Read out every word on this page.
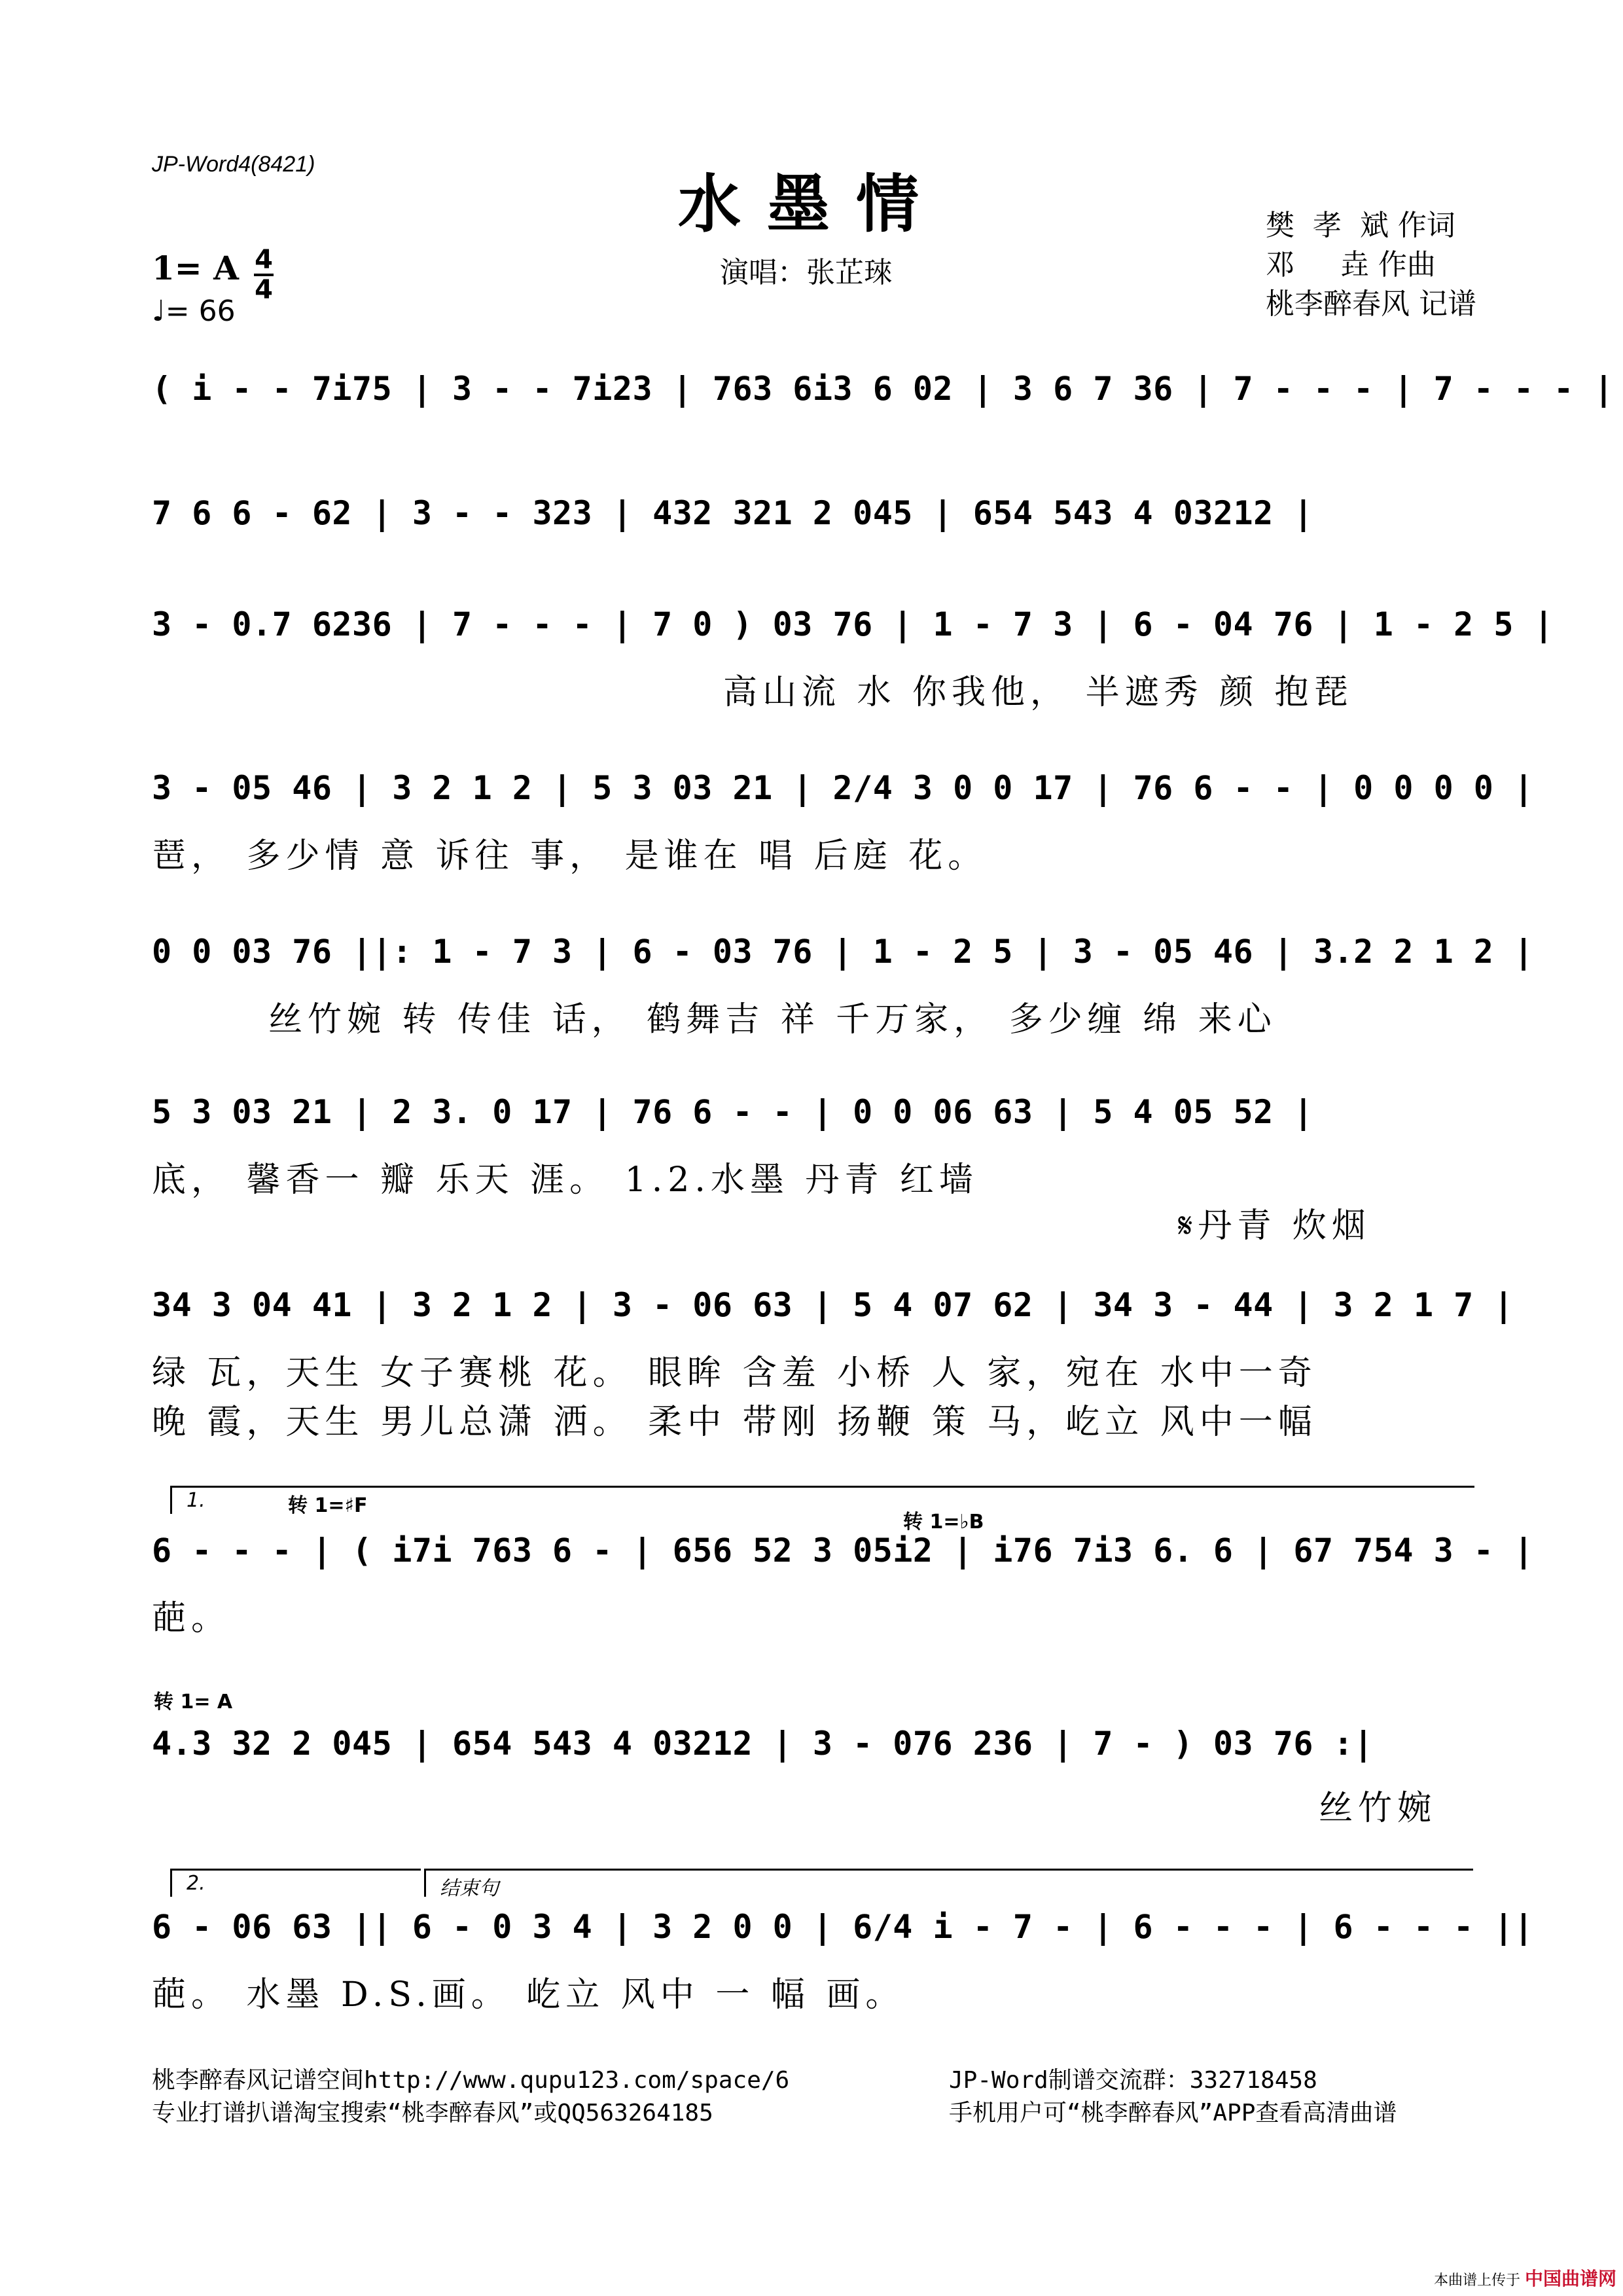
JP-Word4(8421)
水墨情
演唱：张芷琜
樊  孝  斌 作词
邓     垚 作曲
桃李醉春风 记谱
1= A 4
4
♩= 66
( i - - 7i75 | 3 - - 7i23 | 763 6i3 6 02 | 3 6 7 36 | 7 - - - | 7 - - - |
7 6 6 - 62 | 3 - - 323 | 432 321 2 045 | 654 543 4 03212 |
3 - 0.7 6236 | 7 - - - | 7 0 ) 03 76 | 1 - 7 3 | 6 - 04 76 | 1 - 2 5 |
高山流 水 你我他， 半遮秀 颜 抱琵
3 - 05 46 | 3 2 1 2 | 5 3 03 21 | 2/4 3 0 0 17 | 76 6 - - | 0 0 0 0 |
琶， 多少情 意 诉往 事， 是谁在 唱 后庭 花。
0 0 03 76 ||: 1 - 7 3 | 6 - 03 76 | 1 - 2 5 | 3 - 05 46 | 3.2 2 1 2 |
丝竹婉 转 传佳 话， 鹤舞吉 祥 千万家， 多少缠 绵 来心
5 3 03 21 | 2 3. 0 17 | 76 6 - - | 0 0 06 63 | 5 4 05 52 |
底， 馨香一 瓣 乐天 涯。 1.2.水墨 丹青 红墙
𝄋丹青 炊烟
34 3 04 41 | 3 2 1 2 | 3 - 06 63 | 5 4 07 62 | 34 3 - 44 | 3 2 1 7 |
绿 瓦，天生 女子赛桃 花。 眼眸 含羞 小桥 人 家，宛在 水中一奇
晚 霞，天生 男儿总潇 洒。 柔中 带刚 扬鞭 策 马，屹立 风中一幅
1.	转 1=♯F
转 1=♭B
6 - - - | ( i7i 763 6 - | 656 52 3 05i2 | i76 7i3 6. 6 | 67 754 3 - |
葩。
转 1= A
4.3 32 2 045 | 654 543 4 03212 | 3 - 076 236 | 7 - ) 03 76 :|
丝竹婉
2.	结束句
6 - 06 63 || 6 - 0 3 4 | 3 2 0 0 | 6/4 i - 7 - | 6 - - - | 6 - - - ||
葩。 水墨 D.S.画。 屹立 风中 一 幅 画。
桃李醉春风记谱空间http://www.qupu123.com/space/6
专业打谱扒谱淘宝搜索“桃李醉春风”或QQ563264185
JP-Word制谱交流群：332718458
手机用户可“桃李醉春风”APP查看高清曲谱
本曲谱上传于 中国曲谱网
